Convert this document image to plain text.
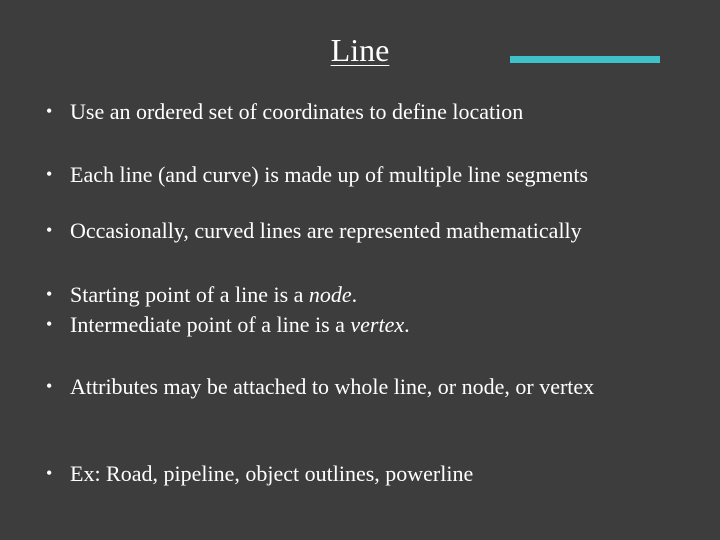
Line
• Use an ordered set of coordinates to define location
• Each line (and curve) is made up of multiple line segments
• Occasionally, curved lines are represented mathematically
• Starting point of a line is a node.
• Intermediate point of a line is a vertex.
• Attributes may be attached to whole line, or node, or vertex
• Ex: Road, pipeline, object outlines, powerline
